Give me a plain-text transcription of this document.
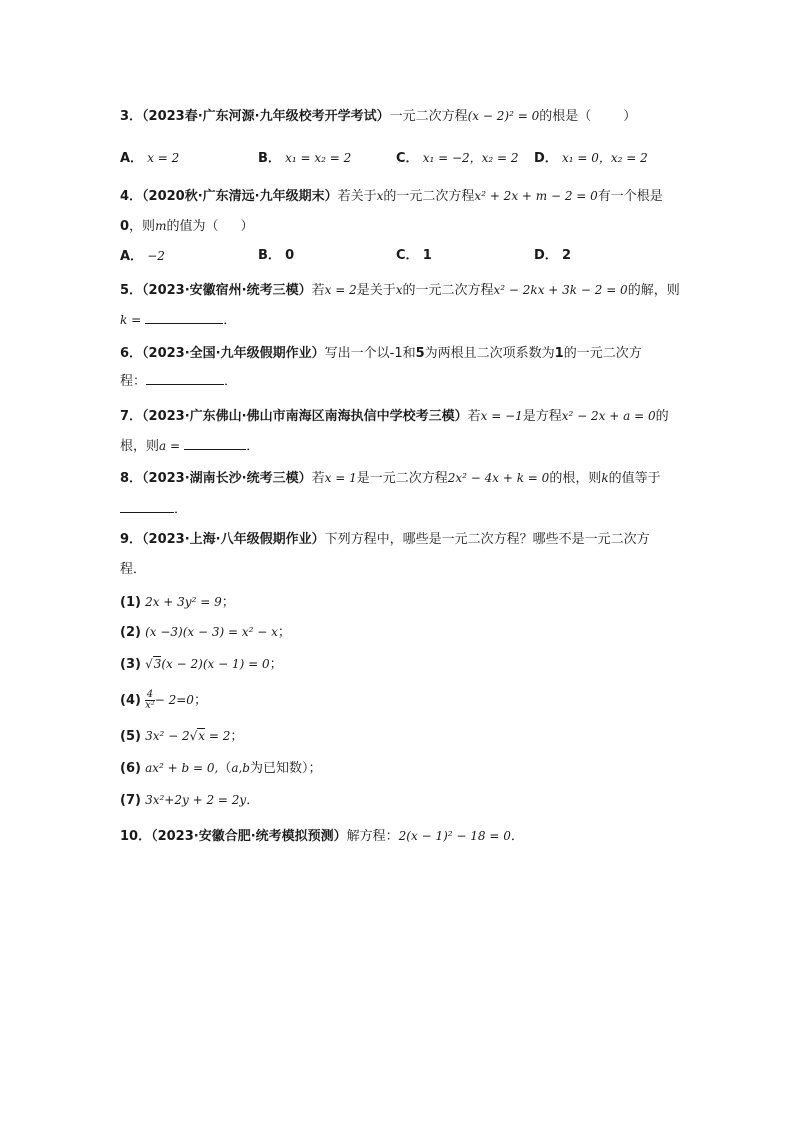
3．（2023春·广东河源·九年级校考开学考试）一元二次方程(x − 2)² = 0的根是（ ）
A． x = 2	B． x₁ = x₂ = 2	C． x₁ = −2，x₂ = 2 D． x₁ = 0，x₂ = 2
4．（2020秋·广东清远·九年级期末）若关于x的一元二次方程x² + 2x + m − 2 = 0有一个根是
0，则m的值为（ ）
A． −2	B． 0	C． 1	D． 2
5．（2023·安徽宿州·统考三模）若x = 2是关于x的一元二次方程x² − 2kx + 3k − 2 = 0的解，则
k =	．
6．（2023·全国·九年级假期作业）写出一个以-1和5为两根且二次项系数为1的一元二次方
程：	．
7．（2023·广东佛山·佛山市南海区南海执信中学校考三模）若x = −1是方程x² − 2x + a = 0的
根，则a =	．
8．（2023·湖南长沙·统考三模）若x = 1是一元二次方程2x² − 4x + k = 0的根，则k的值等于
．
9．（2023·上海·八年级假期作业）下列方程中，哪些是一元二次方程？哪些不是一元二次方
程．
(1) 2x + 3y² = 9；
(2) (x −3)(x − 3) = x² − x；
(3) √3(x − 2)(x − 1) = 0；
$(4) \frac{4}{\text{x²}} - 2=0$；
(5) 3x² − 2√x = 2；
(6) ax² + b = 0,（a,b为已知数）；
(7) 3x²+2y + 2 = 2y．
10．（2023·安徽合肥·统考模拟预测）解方程：2(x − 1)² − 18 = 0．
